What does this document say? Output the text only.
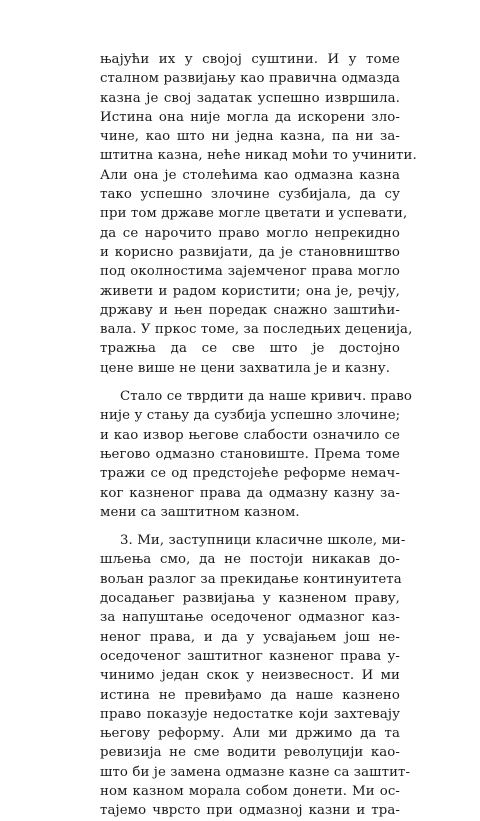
њајући их у својој суштини. И у томе
сталном развијању као правична одмазда
казна је свој задатак успешно извршила.
Истина она није могла да искорени зло-
чине, као што ни једна казна, па ни за-
штитна казна, неће никад моћи то учинити.
Али она је столећима као одмазна казна
тако успешно злочине сузбијала, да су
при том државе могле цветати и успевати,
да се нарочито право могло непрекидно
и корисно развијати, да је становништво
под околностима зајемченог права могло
живети и радом користити; она је, речју,
државу и њен поредак снажно заштићи-
вала. У пркос томе, за последњих деценија,
тражња да се све што је достојно
цене више не цени захватила је и казну.
Стало се тврдити да наше кривич. право
није у стању да сузбија успешно злочине;
и као извор његове слабости означило се
његово одмазно становиште. Према томе
тражи се од предстојеће реформе немач-
ког казненог права да одмазну казну за-
мени са заштитном казном.
3. Ми, заступници класичне школе, ми-
шљења смо, да не постоји никакав до-
вољан разлог за прекидање континуитета
досадањег развијања у казненом праву,
за напуштање оседоченог одмазног каз-
неног права, и да у усвајањем још не-
оседоченог заштитног казненог права у-
чинимо један скок у неизвесност. И ми
истина не превиђамо да наше казнено
право показује недостатке који захтевају
његову реформу. Али ми држимо да та
ревизија не сме водити револуцији као-
што би је замена одмазне казне са заштит-
ном казном морала собом донети. Ми ос-
тајемо чврсто при одмазној казни и тра-
